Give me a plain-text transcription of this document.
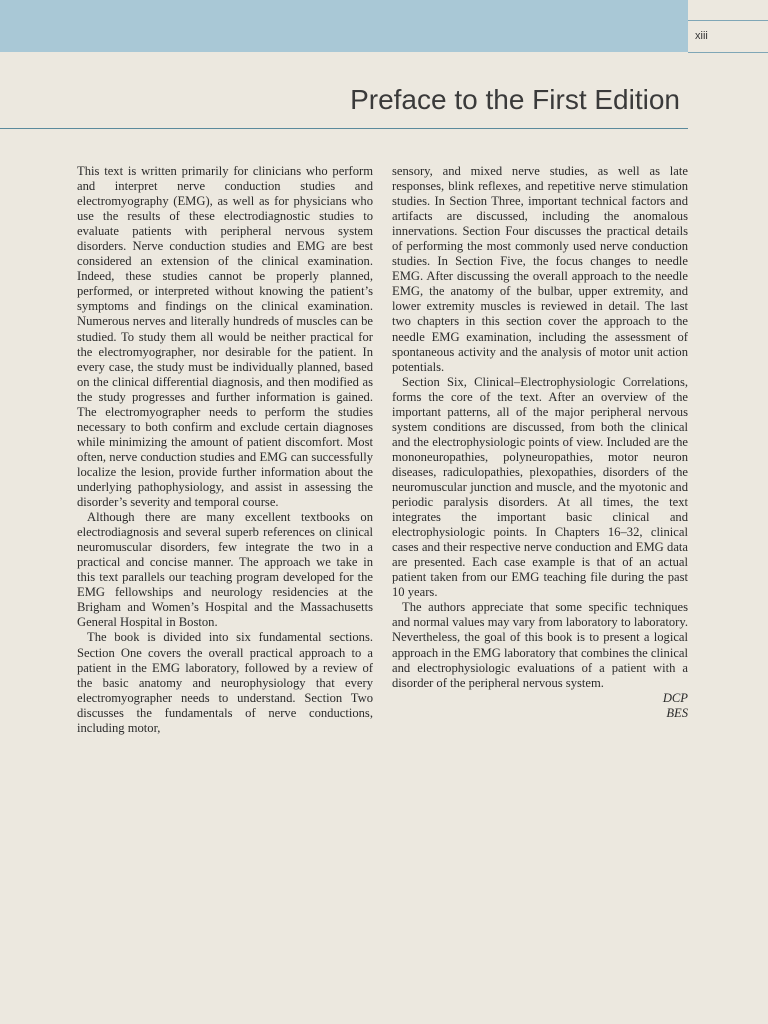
xiii
Preface to the First Edition

This text is written primarily for clinicians who perform and interpret nerve conduction studies and electromyography (EMG), as well as for physicians who use the results of these electrodiagnostic studies to evaluate patients with peripheral nervous system disorders. Nerve conduction studies and EMG are best considered an extension of the clinical examination. Indeed, these studies cannot be properly planned, performed, or interpreted without knowing the patient’s symptoms and findings on the clinical examination. Numerous nerves and literally hundreds of muscles can be studied. To study them all would be neither practical for the electromyographer, nor desirable for the patient. In every case, the study must be individually planned, based on the clinical differential diagnosis, and then modified as the study progresses and further information is gained. The electromyographer needs to perform the studies necessary to both confirm and exclude certain diagnoses while minimizing the amount of patient discomfort. Most often, nerve conduction studies and EMG can successfully localize the lesion, provide further information about the underlying pathophysiology, and assist in assessing the disorder’s severity and temporal course.

Although there are many excellent textbooks on electrodiagnosis and several superb references on clinical neuromuscular disorders, few integrate the two in a practical and concise manner. The approach we take in this text parallels our teaching program developed for the EMG fellowships and neurology residencies at the Brigham and Women’s Hospital and the Massachusetts General Hospital in Boston.

The book is divided into six fundamental sections. Section One covers the overall practical approach to a patient in the EMG laboratory, followed by a review of the basic anatomy and neurophysiology that every electromyographer needs to understand. Section Two discusses the fundamentals of nerve conductions, including motor,

sensory, and mixed nerve studies, as well as late responses, blink reflexes, and repetitive nerve stimulation studies. In Section Three, important technical factors and artifacts are discussed, including the anomalous innervations. Section Four discusses the practical details of performing the most commonly used nerve conduction studies. In Section Five, the focus changes to needle EMG. After discussing the overall approach to the needle EMG, the anatomy of the bulbar, upper extremity, and lower extremity muscles is reviewed in detail. The last two chapters in this section cover the approach to the needle EMG examination, including the assessment of spontaneous activity and the analysis of motor unit action potentials.

Section Six, Clinical–Electrophysiologic Correlations, forms the core of the text. After an overview of the important patterns, all of the major peripheral nervous system conditions are discussed, from both the clinical and the electrophysiologic points of view. Included are the mononeuropathies, polyneuropathies, motor neuron diseases, radiculopathies, plexopathies, disorders of the neuromuscular junction and muscle, and the myotonic and periodic paralysis disorders. At all times, the text integrates the important basic clinical and electrophysiologic points. In Chapters 16–32, clinical cases and their respective nerve conduction and EMG data are presented. Each case example is that of an actual patient taken from our EMG teaching file during the past 10 years.

The authors appreciate that some specific techniques and normal values may vary from laboratory to laboratory. Nevertheless, the goal of this book is to present a logical approach in the EMG laboratory that combines the clinical and electrophysiologic evaluations of a patient with a disorder of the peripheral nervous system.

DCP

BES
